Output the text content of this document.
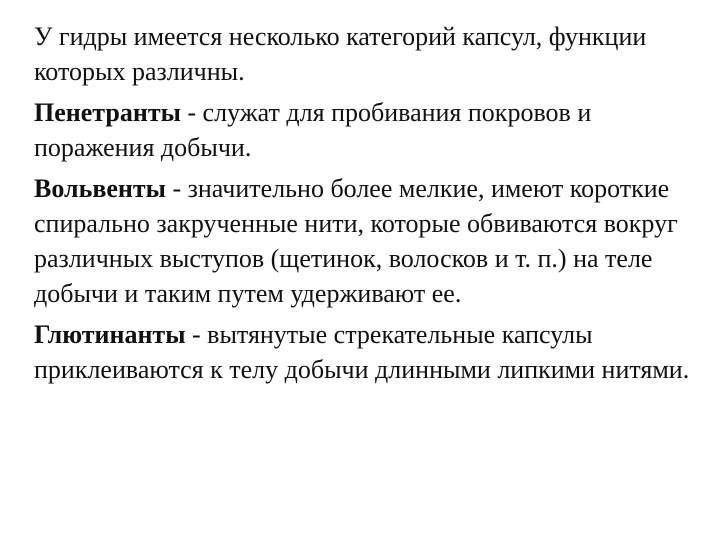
У гидры имеется несколько категорий капсул, функции которых различны.

Пенетранты - служат для пробивания покровов и поражения добычи.

Вольвенты - значительно более мелкие, имеют короткие спирально закрученные нити, которые обвиваются вокруг различных выступов (щетинок, волосков и т. п.) на теле добычи и таким путем удерживают ее.

Глютинанты - вытянутые стрекательные капсулы приклеиваются к телу добычи длинными липкими нитями.
